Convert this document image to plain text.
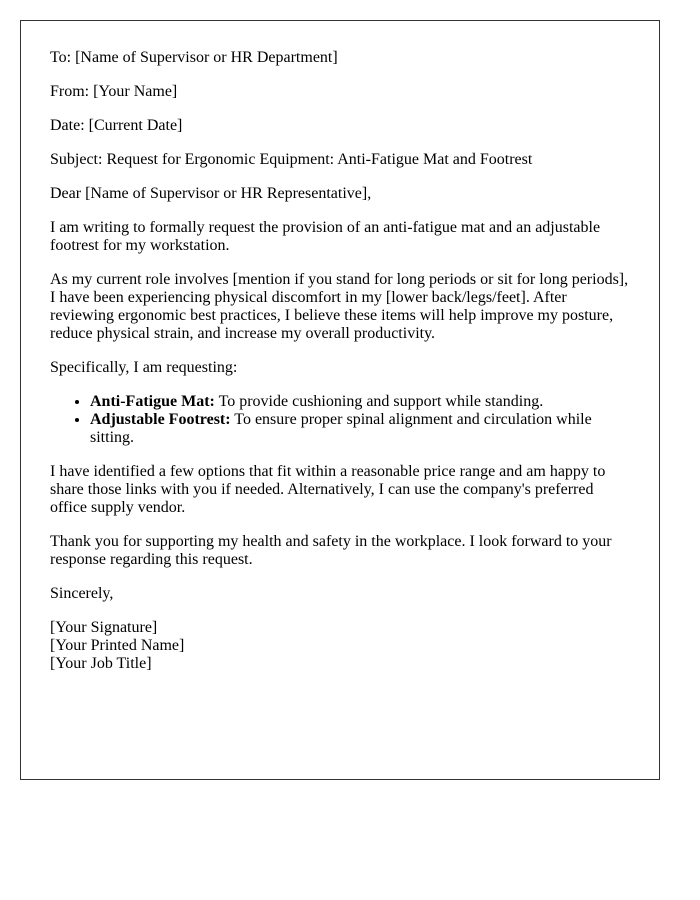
To: [Name of Supervisor or HR Department]

From: [Your Name]

Date: [Current Date]

Subject: Request for Ergonomic Equipment: Anti-Fatigue Mat and Footrest

Dear [Name of Supervisor or HR Representative],

I am writing to formally request the provision of an anti-fatigue mat and an adjustable footrest for my workstation.

As my current role involves [mention if you stand for long periods or sit for long periods], I have been experiencing physical discomfort in my [lower back/legs/feet]. After reviewing ergonomic best practices, I believe these items will help improve my posture, reduce physical strain, and increase my overall productivity.

Specifically, I am requesting:

• Anti-Fatigue Mat: To provide cushioning and support while standing.
• Adjustable Footrest: To ensure proper spinal alignment and circulation while sitting.

I have identified a few options that fit within a reasonable price range and am happy to share those links with you if needed. Alternatively, I can use the company's preferred office supply vendor.

Thank you for supporting my health and safety in the workplace. I look forward to your response regarding this request.

Sincerely,

[Your Signature]
[Your Printed Name]
[Your Job Title]
